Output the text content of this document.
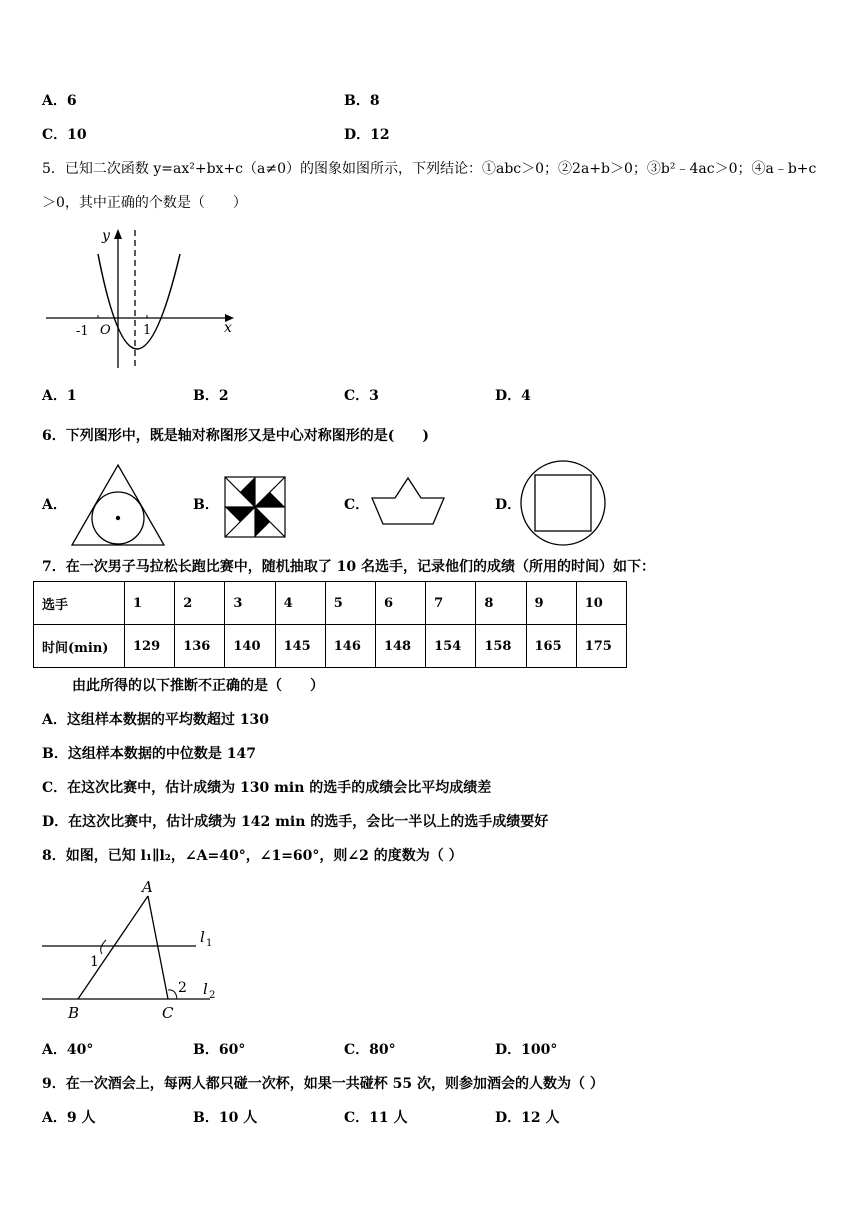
A．6	B．8
C．10	D．12
5．已知二次函数 y=ax²+bx+c（a≠0）的图象如图所示，下列结论：①abc＞0；②2a+b＞0；③b²﹣4ac＞0；④a﹣b+c
＞0，其中正确的个数是（　　）
y
x
O
-1	1
A．1	B．2	C．3	D．4
6．下列图形中，既是轴对称图形又是中心对称图形的是(　　)
A．	B．	C．	D．
7．在一次男子马拉松长跑比赛中，随机抽取了 10 名选手，记录他们的成绩（所用的时间）如下：
选手	1	2	3	4	5	6	7	8	9	10
时间(min)	129	136	140	145	146	148	154	158	165	175
由此所得的以下推断不正确的是（　　）
A．这组样本数据的平均数超过 130
B．这组样本数据的中位数是 147
C．在这次比赛中，估计成绩为 130 min 的选手的成绩会比平均成绩差
D．在这次比赛中，估计成绩为 142 min 的选手，会比一半以上的选手成绩要好
8．如图，已知 l₁∥l₂，∠A=40°，∠1=60°，则∠2 的度数为（ ）
A
B	C
1
2
l 1
l 2
A．40°	B．60°	C．80°	D．100°
9．在一次酒会上，每两人都只碰一次杯，如果一共碰杯 55 次，则参加酒会的人数为（ ）
A．9 人	B．10 人	C．11 人	D．12 人
